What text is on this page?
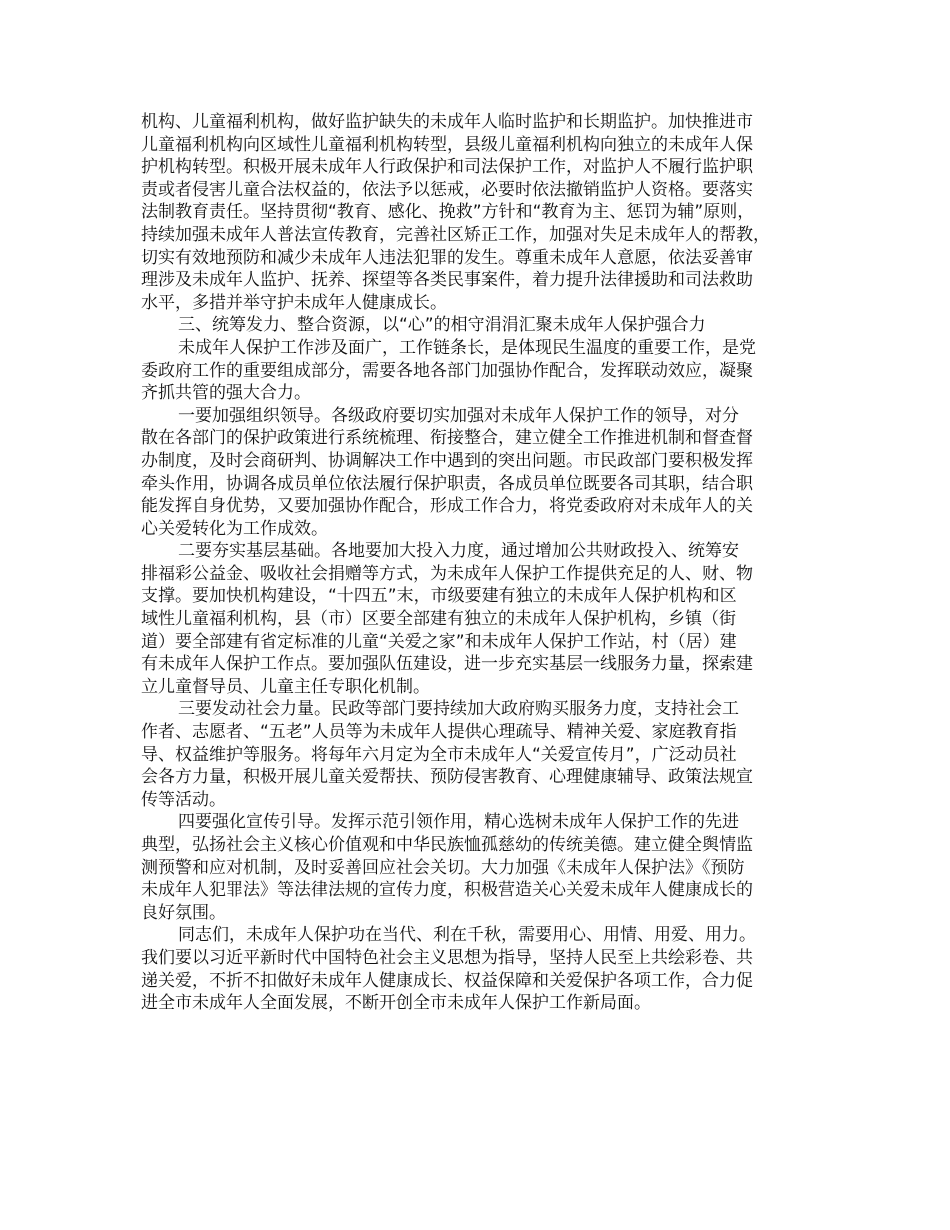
机构、儿童福利机构，做好监护缺失的未成年人临时监护和长期监护。加快推进市
儿童福利机构向区域性儿童福利机构转型，县级儿童福利机构向独立的未成年人保
护机构转型。积极开展未成年人行政保护和司法保护工作，对监护人不履行监护职
责或者侵害儿童合法权益的，依法予以惩戒，必要时依法撤销监护人资格。要落实
法制教育责任。坚持贯彻“教育、感化、挽救”方针和“教育为主、惩罚为辅”原则，
持续加强未成年人普法宣传教育，完善社区矫正工作，加强对失足未成年人的帮教，
切实有效地预防和减少未成年人违法犯罪的发生。尊重未成年人意愿，依法妥善审
理涉及未成年人监护、抚养、探望等各类民事案件，着力提升法律援助和司法救助
水平，多措并举守护未成年人健康成长。
三、统筹发力、整合资源，以“心”的相守涓涓汇聚未成年人保护强合力
未成年人保护工作涉及面广，工作链条长，是体现民生温度的重要工作，是党
委政府工作的重要组成部分，需要各地各部门加强协作配合，发挥联动效应，凝聚
齐抓共管的强大合力。
一要加强组织领导。各级政府要切实加强对未成年人保护工作的领导，对分
散在各部门的保护政策进行系统梳理、衔接整合，建立健全工作推进机制和督查督
办制度，及时会商研判、协调解决工作中遇到的突出问题。市民政部门要积极发挥
牵头作用，协调各成员单位依法履行保护职责，各成员单位既要各司其职，结合职
能发挥自身优势，又要加强协作配合，形成工作合力，将党委政府对未成年人的关
心关爱转化为工作成效。
二要夯实基层基础。各地要加大投入力度，通过增加公共财政投入、统筹安
排福彩公益金、吸收社会捐赠等方式，为未成年人保护工作提供充足的人、财、物
支撑。要加快机构建设，“十四五”末，市级要建有独立的未成年人保护机构和区
域性儿童福利机构，县（市）区要全部建有独立的未成年人保护机构，乡镇（街
道）要全部建有省定标准的儿童“关爱之家”和未成年人保护工作站，村（居）建
有未成年人保护工作点。要加强队伍建设，进一步充实基层一线服务力量，探索建
立儿童督导员、儿童主任专职化机制。
三要发动社会力量。民政等部门要持续加大政府购买服务力度，支持社会工
作者、志愿者、“五老”人员等为未成年人提供心理疏导、精神关爱、家庭教育指
导、权益维护等服务。将每年六月定为全市未成年人“关爱宣传月”，广泛动员社
会各方力量，积极开展儿童关爱帮扶、预防侵害教育、心理健康辅导、政策法规宣
传等活动。
四要强化宣传引导。发挥示范引领作用，精心选树未成年人保护工作的先进
典型，弘扬社会主义核心价值观和中华民族恤孤慈幼的传统美德。建立健全舆情监
测预警和应对机制，及时妥善回应社会关切。大力加强《未成年人保护法》《预防
未成年人犯罪法》等法律法规的宣传力度，积极营造关心关爱未成年人健康成长的
良好氛围。
同志们，未成年人保护功在当代、利在千秋，需要用心、用情、用爱、用力。
我们要以习近平新时代中国特色社会主义思想为指导，坚持人民至上共绘彩卷、共
递关爱，不折不扣做好未成年人健康成长、权益保障和关爱保护各项工作，合力促
进全市未成年人全面发展，不断开创全市未成年人保护工作新局面。
